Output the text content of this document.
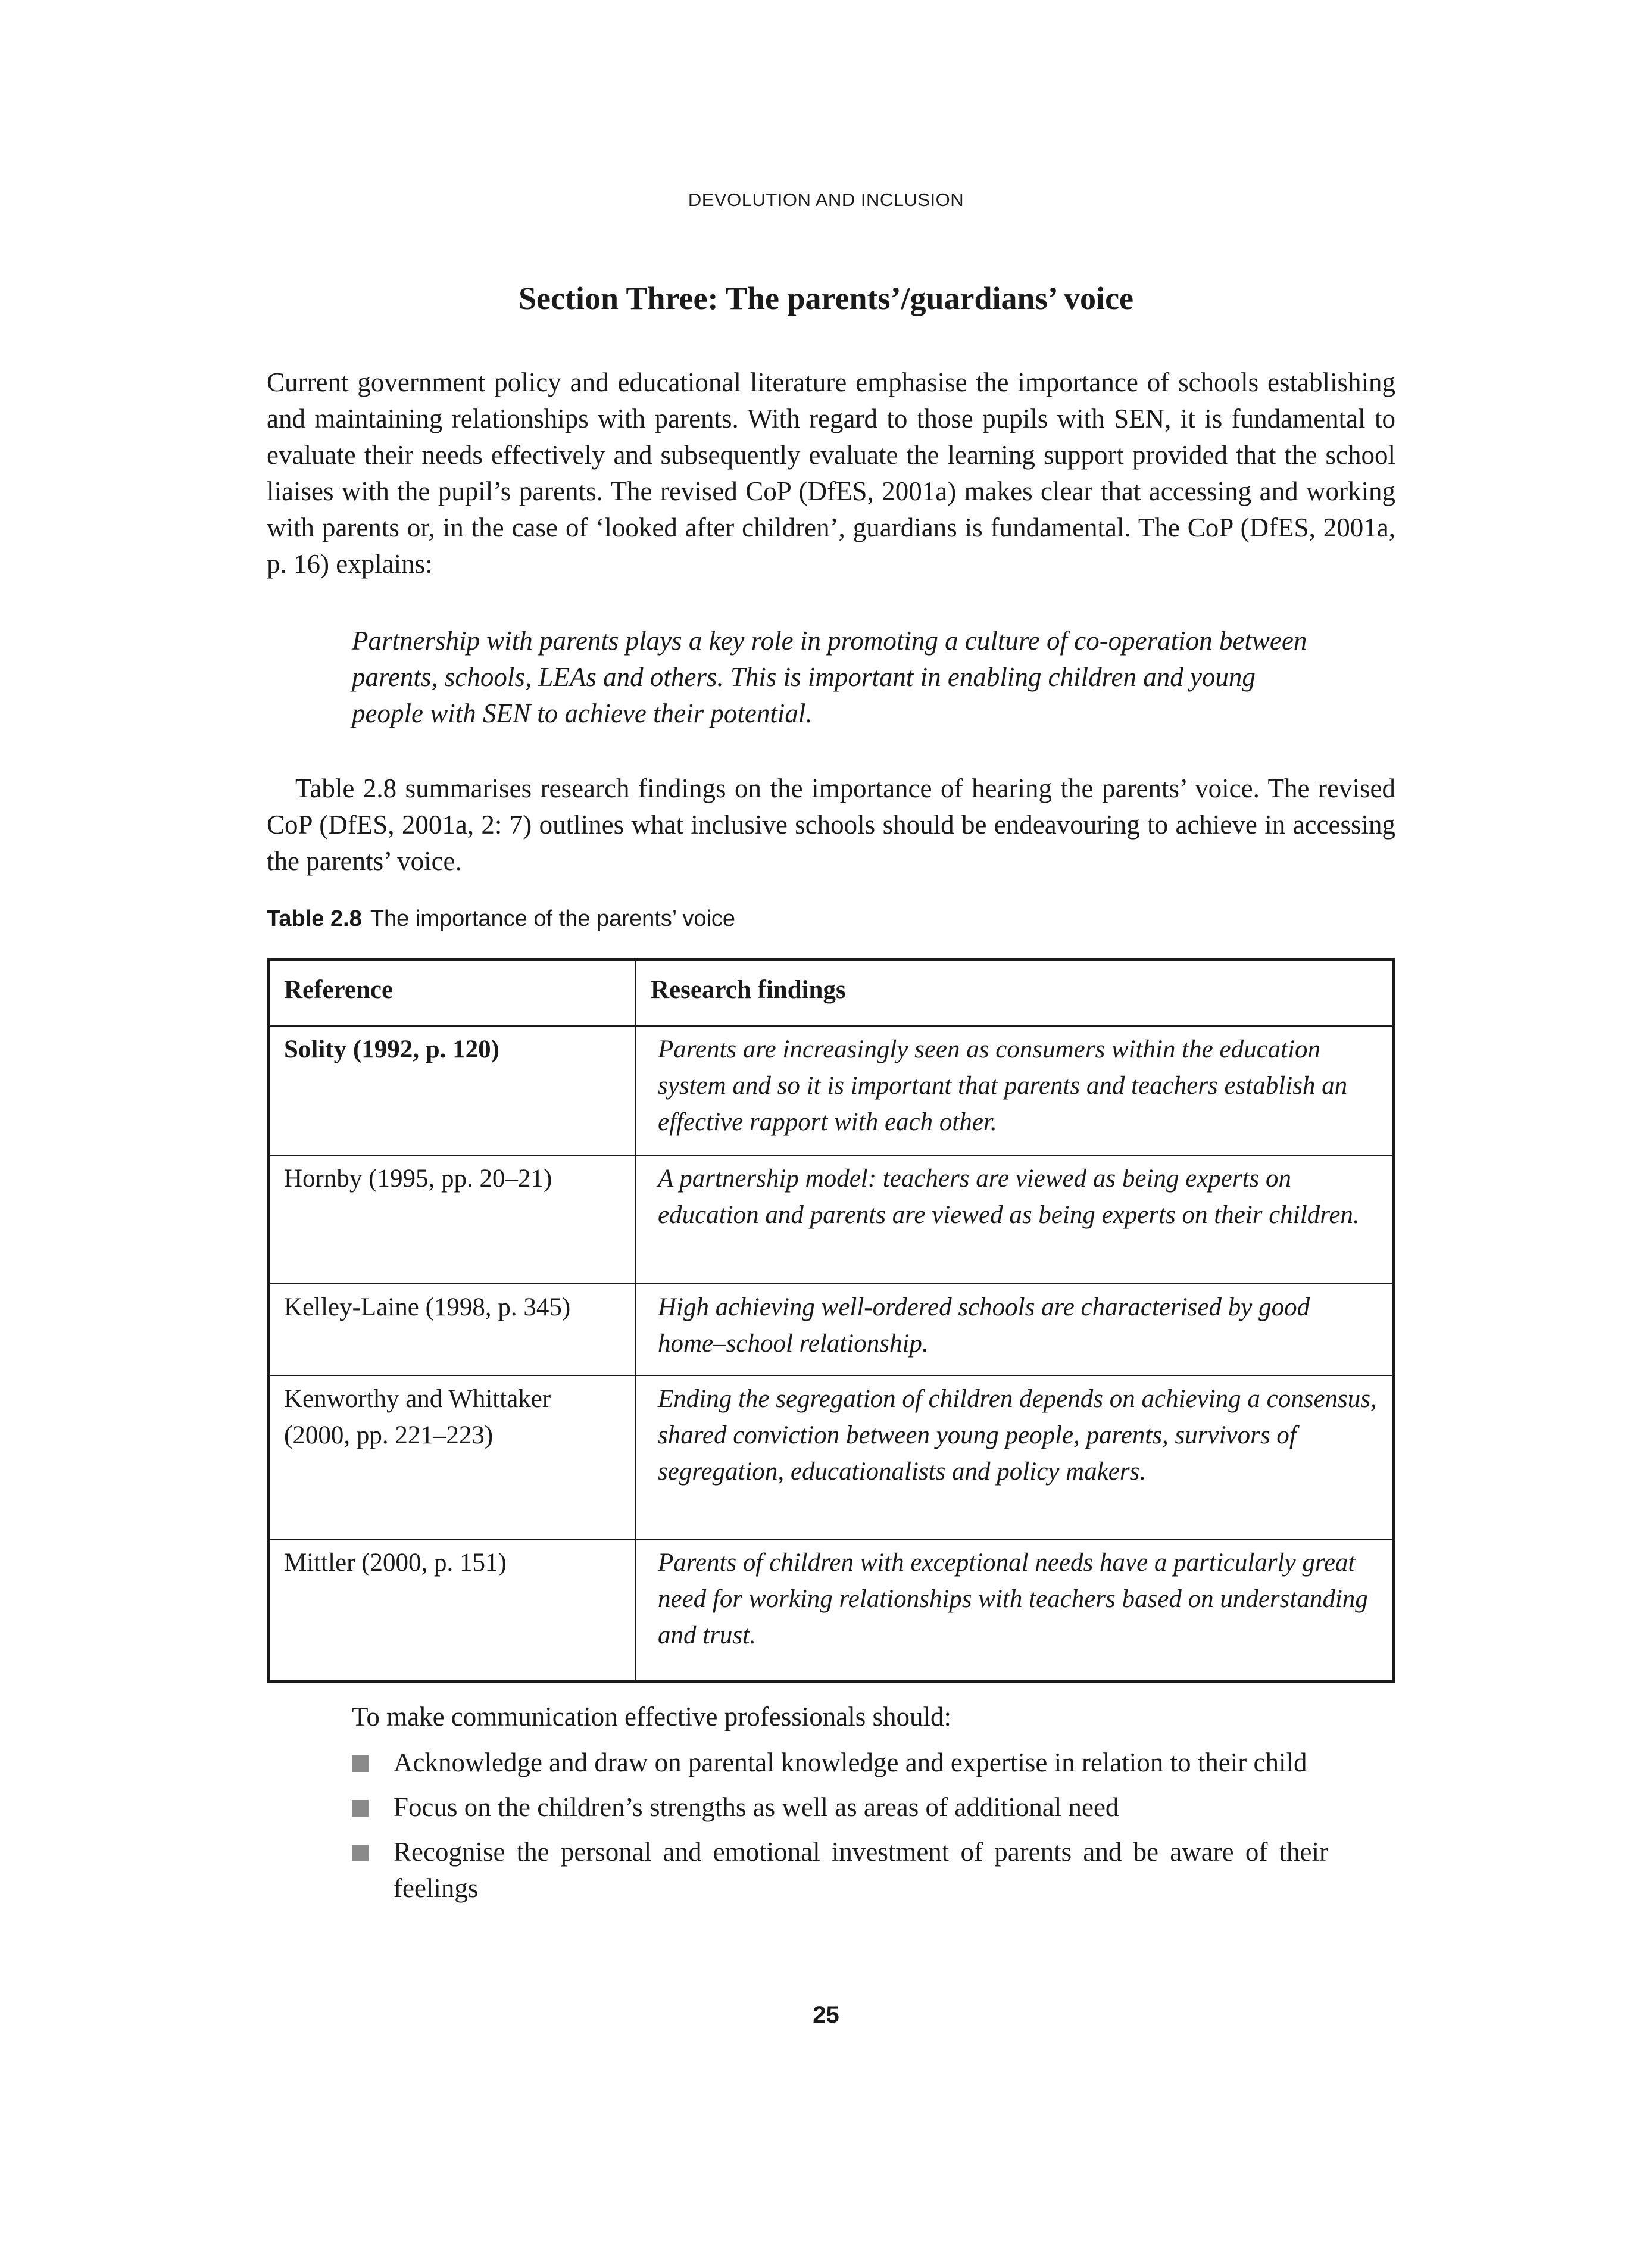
DEVOLUTION AND INCLUSION
Section Three: The parents’/guardians’ voice
Current government policy and educational literature emphasise the importance of schools establishing and maintaining relationships with parents. With regard to those pupils with SEN, it is fundamental to evaluate their needs effectively and subsequently evaluate the learning support provided that the school liaises with the pupil’s parents. The revised CoP (DfES, 2001a) makes clear that accessing and working with parents or, in the case of ‘looked after children’, guardians is fundamental. The CoP (DfES, 2001a, p. 16) explains:
Partnership with parents plays a key role in promoting a culture of co-operation between parents, schools, LEAs and others. This is important in enabling children and young people with SEN to achieve their potential.
Table 2.8 summarises research findings on the importance of hearing the parents’ voice. The revised CoP (DfES, 2001a, 2: 7) outlines what inclusive schools should be endeavouring to achieve in accessing the parents’ voice.
Table 2.8 The importance of the parents’ voice
Reference	Research findings
Solity (1992, p. 120)	Parents are increasingly seen as consumers within the education system and so it is important that parents and teachers establish an effective rapport with each other.
Hornby (1995, pp. 20–21)	A partnership model: teachers are viewed as being experts on education and parents are viewed as being experts on their children.
Kelley-Laine (1998, p. 345)	High achieving well-ordered schools are characterised by good home–school relationship.
Kenworthy and Whittaker (2000, pp. 221–223)	Ending the segregation of children depends on achieving a consensus, shared conviction between young people, parents, survivors of segregation, educationalists and policy makers.
Mittler (2000, p. 151)	Parents of children with exceptional needs have a particularly great need for working relationships with teachers based on understanding and trust.
To make communication effective professionals should:
Acknowledge and draw on parental knowledge and expertise in relation to their child
Focus on the children’s strengths as well as areas of additional need
Recognise the personal and emotional investment of parents and be aware of their feelings
25
